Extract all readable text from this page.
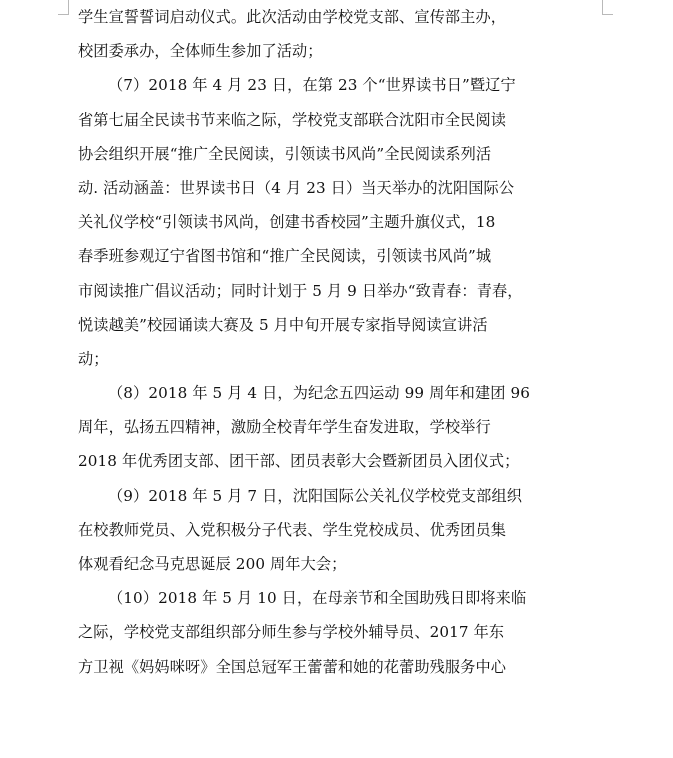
学生宣誓誓词启动仪式。此次活动由学校党支部、宣传部主办，
校团委承办，全体师生参加了活动；
（7）2018 年 4 月 23 日，在第 23 个“世界读书日”暨辽宁
省第七届全民读书节来临之际，学校党支部联合沈阳市全民阅读
协会组织开展“推广全民阅读，引领读书风尚”全民阅读系列活
动. 活动涵盖：世界读书日（4 月 23 日）当天举办的沈阳国际公
关礼仪学校“引领读书风尚，创建书香校园”主题升旗仪式，18
春季班参观辽宁省图书馆和“推广全民阅读，引领读书风尚”城
市阅读推广倡议活动；同时计划于 5 月 9 日举办“致青春：青春，
悦读越美”校园诵读大赛及 5 月中旬开展专家指导阅读宣讲活
动；
（8）2018 年 5 月 4 日，为纪念五四运动 99 周年和建团 96
周年，弘扬五四精神，激励全校青年学生奋发进取，学校举行
2018 年优秀团支部、团干部、团员表彰大会暨新团员入团仪式；
（9）2018 年 5 月 7 日，沈阳国际公关礼仪学校党支部组织
在校教师党员、入党积极分子代表、学生党校成员、优秀团员集
体观看纪念马克思诞辰 200 周年大会；
（10）2018 年 5 月 10 日，在母亲节和全国助残日即将来临
之际，学校党支部组织部分师生参与学校外辅导员、2017 年东
方卫视《妈妈咪呀》全国总冠军王蕾蕾和她的花蕾助残服务中心
